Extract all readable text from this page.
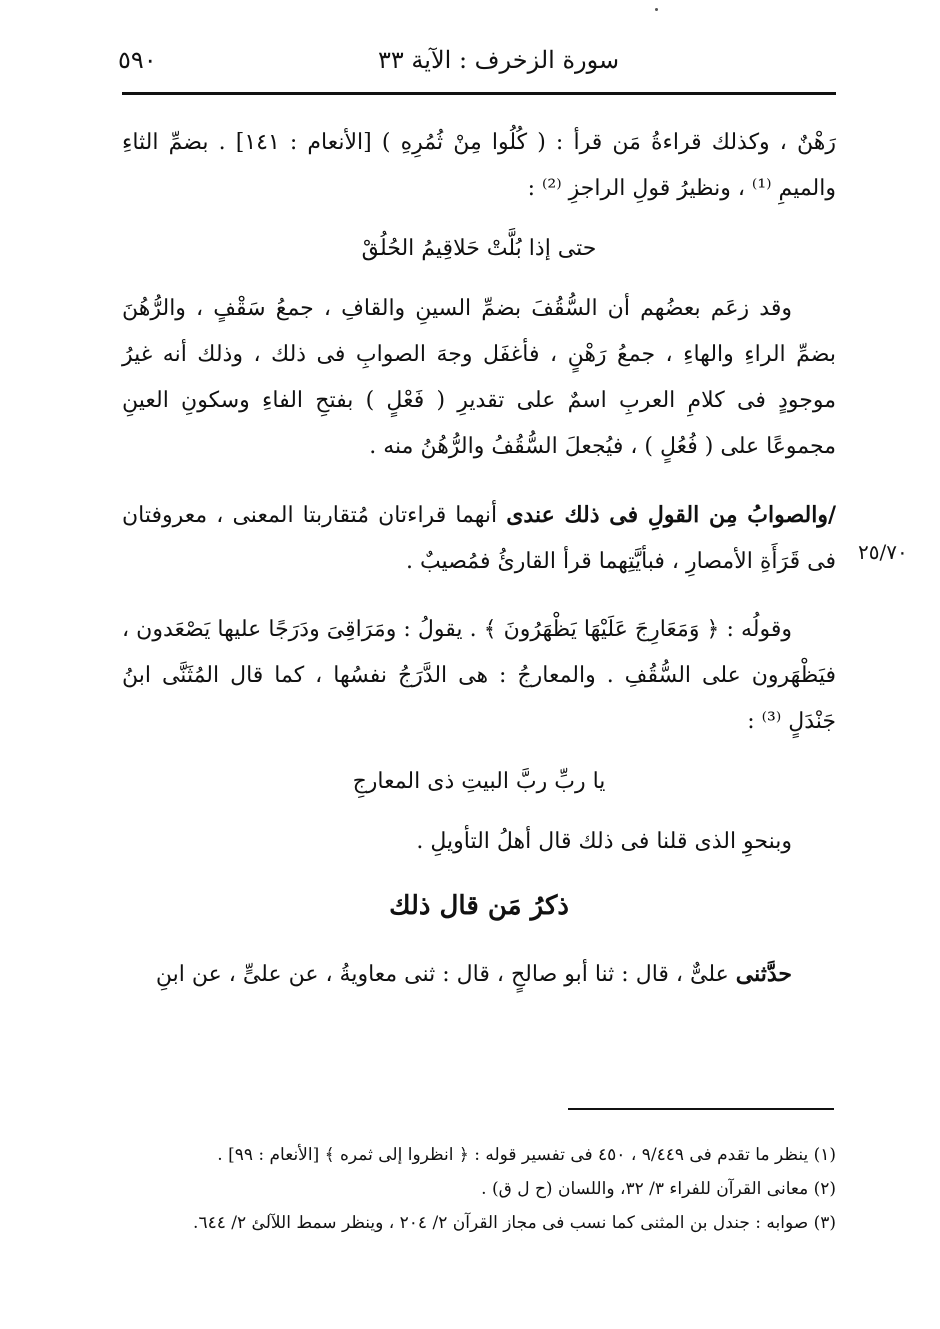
سورة الزخرف : الآية ٣٣
٥٩٠
٢٥/٧٠

رَهْنٌ ، وكذلك قراءةُ مَن قرأ : ( كُلُوا مِنْ ثُمُرِهِ ) [الأنعام : ١٤١] . بضمِّ الثاءِ والميمِ ⁽¹⁾ ، ونظيرُ قولِ الراجزِ ⁽²⁾ :

حتى إذا بُلَّتْ حَلاقِيمُ الحُلُقْ

وقد زعَم بعضُهم أن السُّقُفَ بضمِّ السينِ والقافِ ، جمعُ سَقْفٍ ، والرُّهُنَ بضمِّ الراءِ والهاءِ ، جمعُ رَهْنٍ ، فأغفَل وجهَ الصوابِ فى ذلك ، وذلك أنه غيرُ موجودٍ فى كلامِ العربِ اسمٌ على تقديرِ ( فَعْلٍ ) بفتحِ الفاءِ وسكونِ العينِ مجموعًا على ( فُعُلٍ ) ، فيُجعلَ السُّقُفُ والرُّهُنُ منه .

/والصوابُ مِن القولِ فى ذلك عندى أنهما قراءتان مُتقاربتا المعنى ، معروفتان فى قَرَأَةِ الأمصارِ ، فبأيَّتِهما قرأ القارئُ فمُصيبٌ .

وقولُه : ﴿ وَمَعَارِجَ عَلَيْهَا يَظْهَرُونَ ﴾ . يقولُ : ومَرَاقِىَ ودَرَجًا عليها يَصْعَدون ، فيَظْهَرون على السُّقُفِ . والمعارجُ : هى الدَّرَجُ نفسُها ، كما قال المُثَنَّى ابنُ جَنْدَلٍ ⁽³⁾ :

يا ربِّ ربَّ البيتِ ذى المعارجِ

وبنحوِ الذى قلنا فى ذلك قال أهلُ التأويلِ .

ذكرُ مَن قال ذلك

حدَّثنى علىٌّ ، قال : ثنا أبو صالحٍ ، قال : ثنى معاويةُ ، عن علىٍّ ، عن ابنِ

(١) ينظر ما تقدم فى ٩/٤٤٩ ، ٤٥٠ فى تفسير قوله : ﴿ انظروا إلى ثمره ﴾ [الأنعام : ٩٩] .

(٢) معانى القرآن للفراء ٣/ ٣٢، واللسان (ح ل ق) .

(٣) صوابه : جندل بن المثنى كما نسب فى مجاز القرآن ٢/ ٢٠٤ ، وينظر سمط اللآلئ ٢/ ٦٤٤.
